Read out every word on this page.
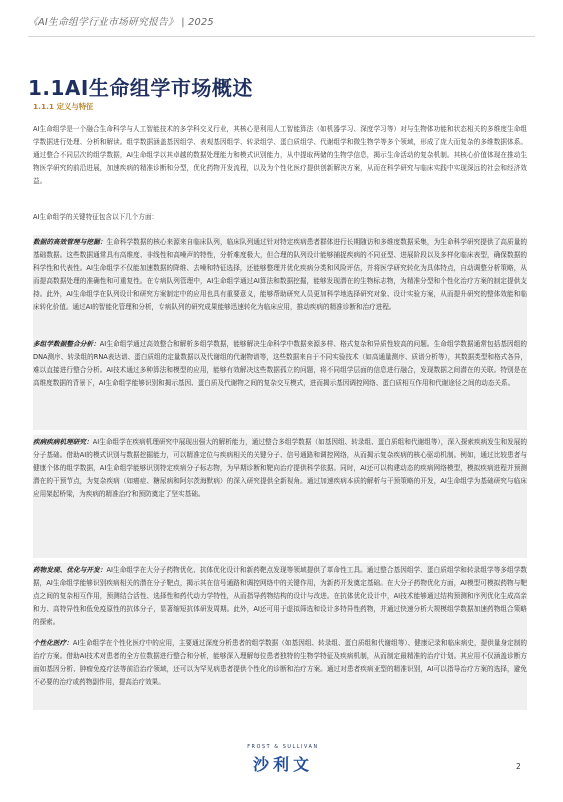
《AI生命组学行业市场研究报告》 | 2025
1.1AI生命组学市场概述
1.1.1 定义与特征
AI生命组学是一个融合生命科学与人工智能技术的多学科交叉行业，其核心是利用人工智能算法（如机器学习、深度学习等）对与生物体功能和状态相关的多维度生命组学数据进行处理、分析和解读。组学数据涵盖基因组学、表观基因组学、转录组学、蛋白质组学、代谢组学和微生物学等多个领域，形成了庞大而复杂的多维数据体系。通过整合不同层次的组学数据，AI生命组学以其卓越的数据处理能力和模式识别能力，从中提取两储的生物学信息，揭示生命活动的复杂机制。其核心价值体现在推动生物医学研究的前沿进展，加速疾病的精准诊断和分型，优化药物开发流程，以及为个性化医疗提供创新解决方案，从而在科学研究与临床实践中实现深远的社会和经济效益。
AI生命组学的关键特征包含以下几个方面：
数据的高效管理与挖掘：生命科学数据的核心来源来自临床队列，临床队列通过针对特定疾病患者群体进行长期随访和多维度数据采集，为生命科学研究提供了高质量的基础数据。这些数据通常具有高维度、非线性和高噪声的特性，分析难度极大，但合理的队列设计能够捕捉疾病的不同亚型、进展阶段以及多样化临床表型，确保数据的科学性和代表性。AI生命组学不仅能加速数据的降维、去噪和特征选择，还能够整理并优化疾病分类和风险评估，并将医学研究转化为具体特点，自动调整分析策略，从而提高数据处理的准确性和可重复性。在专病队列管理中，AI生命组学通过AI算法和数据挖掘，能够发现潜在的生物标志物，为精准分型和个性化治疗方案的制定提供支持。此外，AI生命组学在队列设计和研究方案制定中的应用也具有重要意义，能够帮助研究人员更加科学地选择研究对象、设计实验方案，从而提升研究的整体效能和临床转化价值。通过AI的智能化管理和分析，专病队列的研究成果能够迅速转化为临床应用，推动疾病的精准诊断和治疗进程。
多组学数据整合分析：AI生命组学通过高效整合和解析多组学数据，能够解决生命科学中数据来源多样、格式复杂和异质性较高的问题。生命组学数据通常包括基因组的DNA测序、转录组的RNA表达谱、蛋白质组的定量数据以及代谢组的代谢物谱等，这些数据来自于不同实验技术（如高通量测序、质谱分析等），其数据类型和格式各异，难以直接进行整合分析。AI技术通过多种算法和模型的应用，能够有效解决这些数据孤立的问题，将不同组学层面的信息进行融合，发现数据之间潜在的关联。特别是在高维度数据的背景下，AI生命组学能够识别和揭示基因、蛋白质及代谢物之间的复杂交互模式，进而揭示基因调控网络、蛋白质相互作用和代谢途径之间的动态关系。
疾病疾病机理研究：AI生命组学在疾病机理研究中展现出强大的解析能力，通过整合多组学数据（如基因组、转录组、蛋白质组和代谢组等），深入探索疾病发生和发展的分子基础。借助AI的模式识别与数据挖掘能力，可以精准定位与疾病相关的关键分子、信号通路和调控网络，从而揭示复杂疾病的核心驱动机制。例如，通过比较患者与健康个体的组学数据，AI生命组学能够识别特定疾病分子标志物，为早期诊断和靶向治疗提供科学依据。同时，AI还可以构建动态的疾病网络模型，模拟疾病进程并预测潜在的干预节点，为复杂疾病（如癌症、糖尿病和阿尔茨海默病）的深入研究提供全新视角。通过加速疾病本质的解析与干预策略的开发，AI生命组学为基础研究与临床应用架起桥梁，为疾病的精准治疗和预防奠定了坚实基础。
药物发现、优化与开发：AI生命组学在大分子药物优化、抗体优化设计和新药靶点发现等领域提供了革命性工具。通过整合基因组学、蛋白质组学和转录组学等多组学数据，AI生命组学能够识别疾病相关的潜在分子靶点，揭示其在信号通路和调控网络中的关键作用，为新药开发奠定基础。在大分子药物优化方面，AI模型可模拟药物与靶点之间的复杂相互作用，预测结合活性、选择性和药代动力学特性，从而指导药物结构的设计与改进。在抗体优化设计中，AI技术能够通过结构预测和序列优化生成高亲和力、高特异性和低免疫原性的抗体分子，显著缩短抗体研发周期。此外，AI还可用于虚拟筛选和设计多特异性药物，并通过快速分析大规模组学数据加速药物组合策略的探索。
个性化医疗：AI生命组学在个性化医疗中的应用，主要通过深度分析患者的组学数据（如基因组、转录组、蛋白质组和代谢组等）、健康记录和临床病史，提供量身定制的治疗方案。借助AI技术对患者的全方位数据进行整合和分析，能够深入理解每位患者独特的生物学特征及疾病机制，从而制定最精准的治疗计划。其应用不仅涵盖诊断方面如基因分析、肿瘤免疫疗法等前沿治疗领域，还可以为罕见病患者提供个性化的诊断和治疗方案。通过对患者疾病亚型的精准识别，AI可以指导治疗方案的选择，避免不必要的治疗或药物副作用，提高治疗效果。
FROST & SULLIVAN
沙利文	2
